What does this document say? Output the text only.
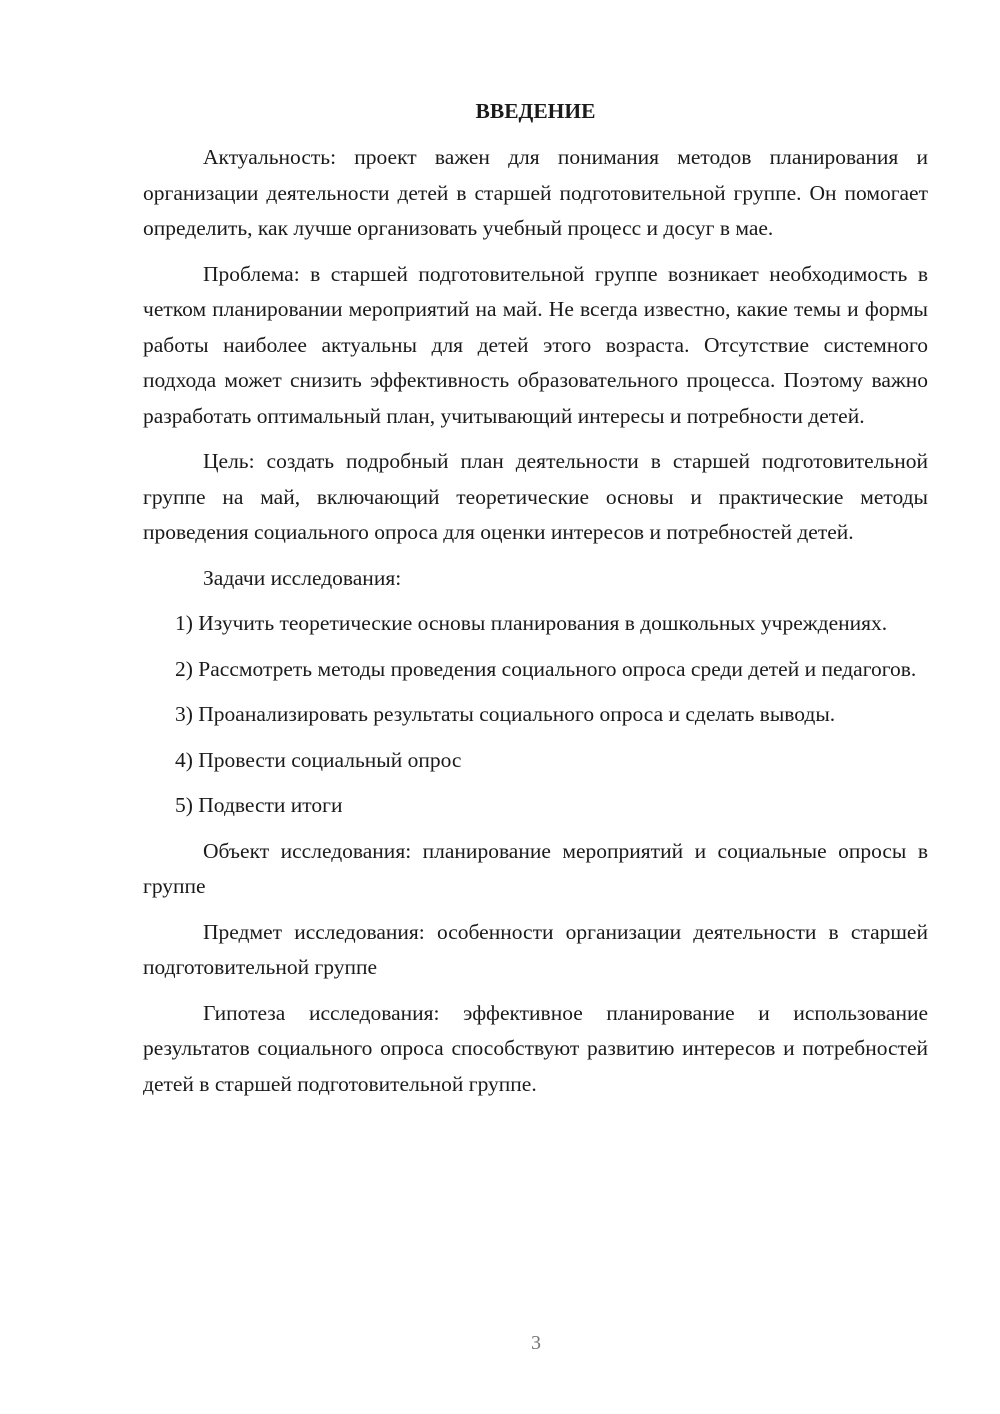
ВВЕДЕНИЕ

Актуальность: проект важен для понимания методов планирования и организации деятельности детей в старшей подготовительной группе. Он помогает определить, как лучше организовать учебный процесс и досуг в мае.

Проблема: в старшей подготовительной группе возникает необходимость в четком планировании мероприятий на май. Не всегда известно, какие темы и формы работы наиболее актуальны для детей этого возраста. Отсутствие системного подхода может снизить эффективность образовательного процесса. Поэтому важно разработать оптимальный план, учитывающий интересы и потребности детей.

Цель: создать подробный план деятельности в старшей подготовительной группе на май, включающий теоретические основы и практические методы проведения социального опроса для оценки интересов и потребностей детей.

Задачи исследования:

1) Изучить теоретические основы планирования в дошкольных учреждениях.

2) Рассмотреть методы проведения социального опроса среди детей и педагогов.

3) Проанализировать результаты социального опроса и сделать выводы.

4) Провести социальный опрос

5) Подвести итоги

Объект исследования: планирование мероприятий и социальные опросы в группе

Предмет исследования: особенности организации деятельности в старшей подготовительной группе

Гипотеза исследования: эффективное планирование и использование результатов социального опроса способствуют развитию интересов и потребностей детей в старшей подготовительной группе.

3
